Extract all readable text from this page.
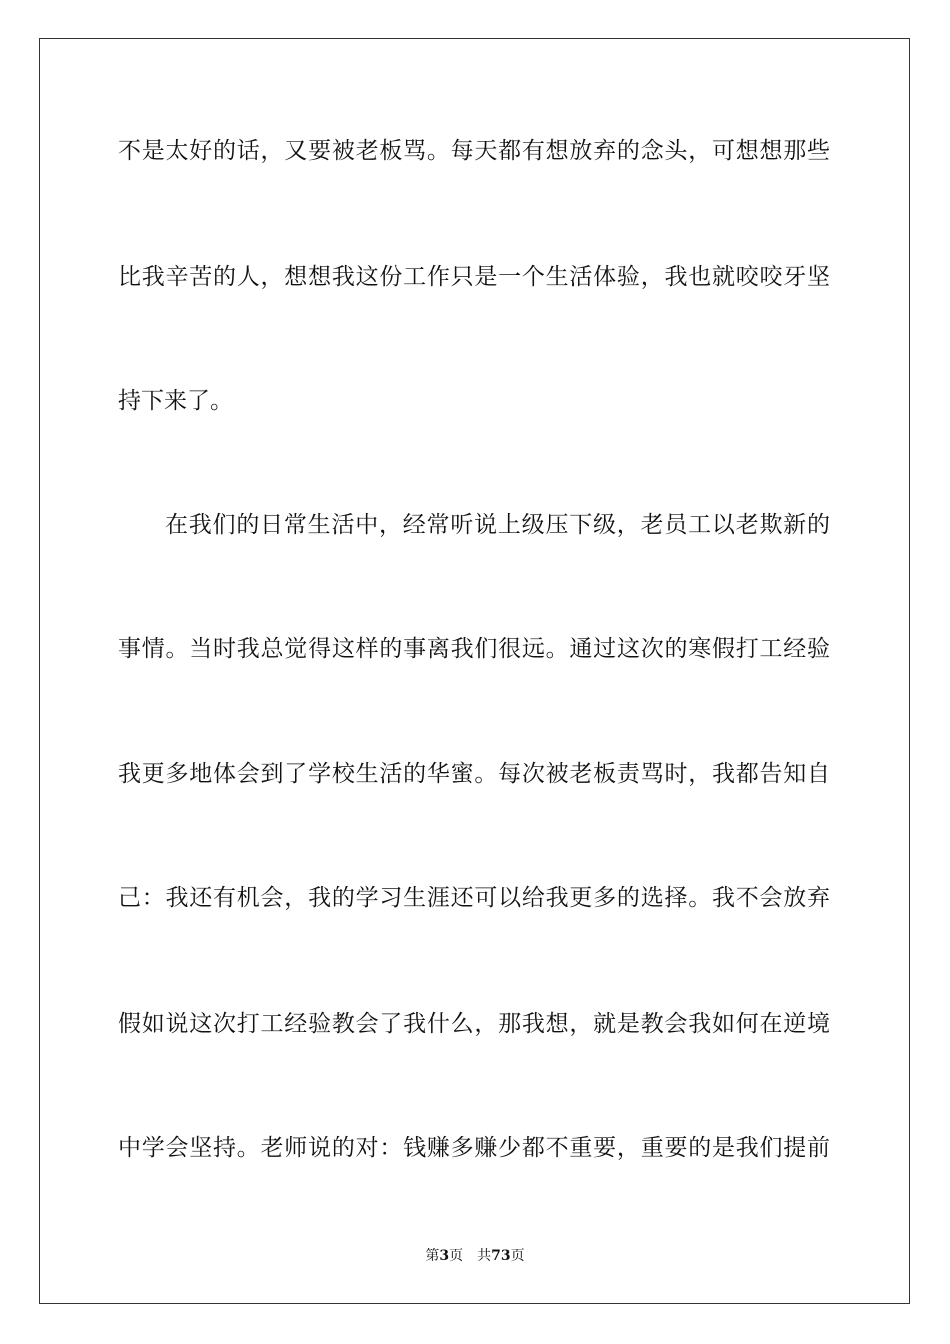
不是太好的话，又要被老板骂。每天都有想放弃的念头，可想想那些
比我辛苦的人，想想我这份工作只是一个生活体验，我也就咬咬牙坚
持下来了。
在我们的日常生活中，经常听说上级压下级，老员工以老欺新的
事情。当时我总觉得这样的事离我们很远。通过这次的寒假打工经验
我更多地体会到了学校生活的华蜜。每次被老板责骂时，我都告知自
己：我还有机会，我的学习生涯还可以给我更多的选择。我不会放弃
假如说这次打工经验教会了我什么，那我想，就是教会我如何在逆境
中学会坚持。老师说的对：钱赚多赚少都不重要，重要的是我们提前
第3页 共73页
